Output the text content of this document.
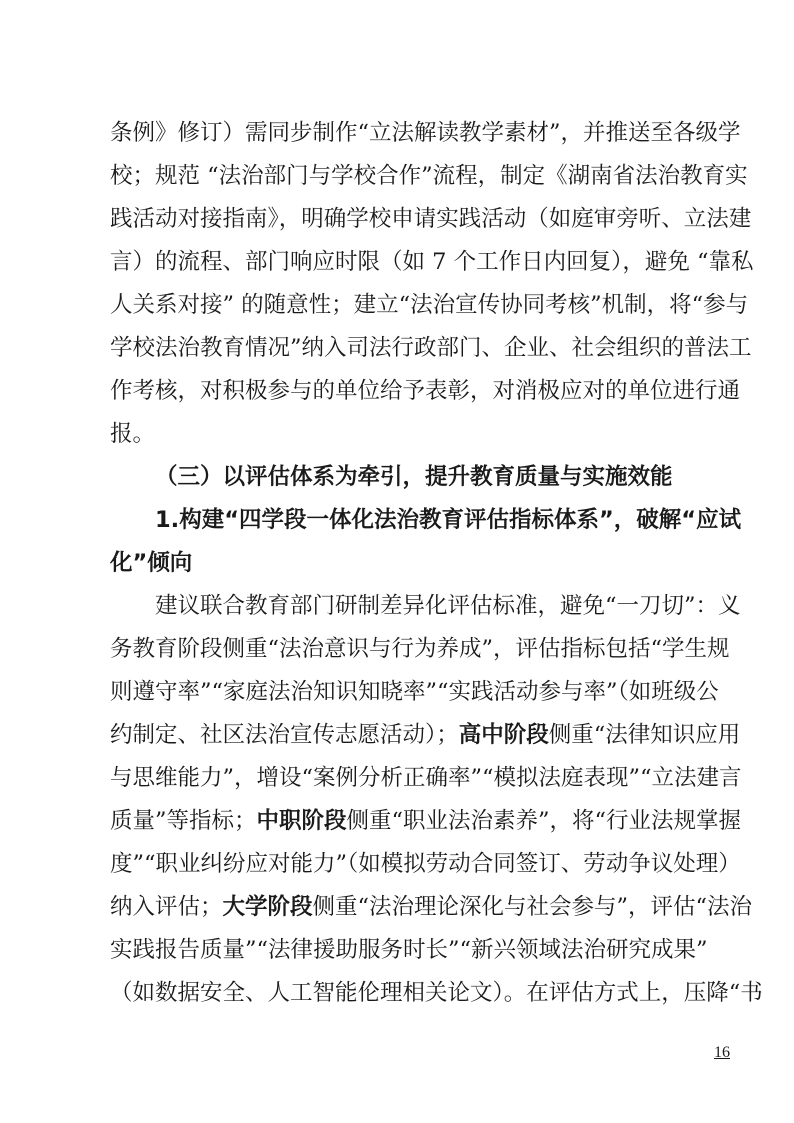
条例》修订）需同步制作“立法解读教学素材”，并推送至各级学
校；规范 “法治部门与学校合作”流程，制定《湖南省法治教育实
践活动对接指南》，明确学校申请实践活动（如庭审旁听、立法建
言）的流程、部门响应时限（如 7 个工作日内回复），避免 “靠私
人关系对接” 的随意性；建立“法治宣传协同考核”机制，将“参与
学校法治教育情况”纳入司法行政部门、企业、社会组织的普法工
作考核，对积极参与的单位给予表彰，对消极应对的单位进行通
报。
（三）以评估体系为牵引，提升教育质量与实施效能
1.构建“四学段一体化法治教育评估指标体系”，破解“应试
化”倾向
建议联合教育部门研制差异化评估标准，避免“一刀切”：义
务教育阶段侧重“法治意识与行为养成”，评估指标包括“学生规
则遵守率”“家庭法治知识知晓率”“实践活动参与率”（如班级公
约制定、社区法治宣传志愿活动）；高中阶段侧重“法律知识应用
与思维能力”，增设“案例分析正确率”“模拟法庭表现”“立法建言
质量”等指标；中职阶段侧重“职业法治素养”，将“行业法规掌握
度”“职业纠纷应对能力”（如模拟劳动合同签订、劳动争议处理）
纳入评估；大学阶段侧重“法治理论深化与社会参与”，评估“法治
实践报告质量”“法律援助服务时长”“新兴领域法治研究成果”
（如数据安全、人工智能伦理相关论文）。在评估方式上，压降“书
16
